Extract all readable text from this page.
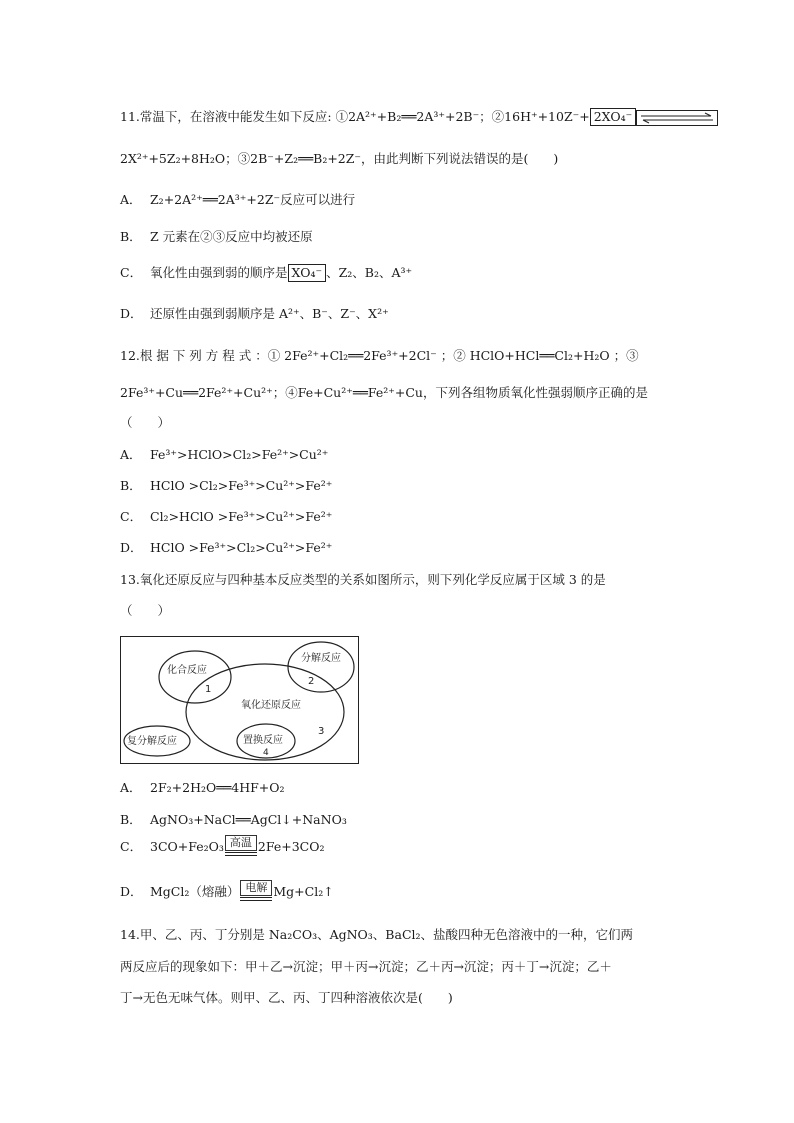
11.常温下，在溶液中能发生如下反应: ①2A²⁺+B₂══2A³⁺+2B⁻；②16H⁺+10Z⁻+ 2XO₄⁻
2X²⁺+5Z₂+8H₂O；③2B⁻+Z₂══B₂+2Z⁻，由此判断下列说法错误的是(　　)
A． Z₂+2A²⁺══2A³⁺+2Z⁻反应可以进行
B． Z 元素在②③反应中均被还原
C． 氧化性由强到弱的顺序是 XO₄⁻ 、Z₂、B₂、A³⁺
D． 还原性由强到弱顺序是 A²⁺、B⁻、Z⁻、X²⁺
12.根 据 下 列 方 程 式 ：① 2Fe²⁺+Cl₂══2Fe³⁺+2Cl⁻ ；② HClO+HCl══Cl₂+H₂O ；③
2Fe³⁺+Cu══2Fe²⁺+Cu²⁺；④Fe+Cu²⁺══Fe²⁺+Cu，下列各组物质氧化性强弱顺序正确的是
（　　）
A． Fe³⁺>HClO>Cl₂>Fe²⁺>Cu²⁺
B． HClO >Cl₂>Fe³⁺>Cu²⁺>Fe²⁺
C． Cl₂>HClO >Fe³⁺>Cu²⁺>Fe²⁺
D． HClO >Fe³⁺>Cl₂>Cu²⁺>Fe²⁺
13.氧化还原反应与四种基本反应类型的关系如图所示，则下列化学反应属于区域 3 的是
（　　）
化合反应
1
分解反应
2
氧化还原反应
3
复分解反应	置换反应
4
A． 2F₂+2H₂O══4HF+O₂
B． AgNO₃+NaCl══AgCl↓+NaNO₃
C． 3CO+Fe₂O₃ 高温 2Fe+3CO₂
D． MgCl₂（熔融） 电解 Mg+Cl₂↑
14.甲、乙、丙、丁分别是 Na₂CO₃、AgNO₃、BaCl₂、盐酸四种无色溶液中的一种，它们两
两反应后的现象如下：甲＋乙→沉淀；甲＋丙→沉淀；乙＋丙→沉淀；丙＋丁→沉淀；乙＋
丁→无色无味气体。则甲、乙、丙、丁四种溶液依次是(　　)
